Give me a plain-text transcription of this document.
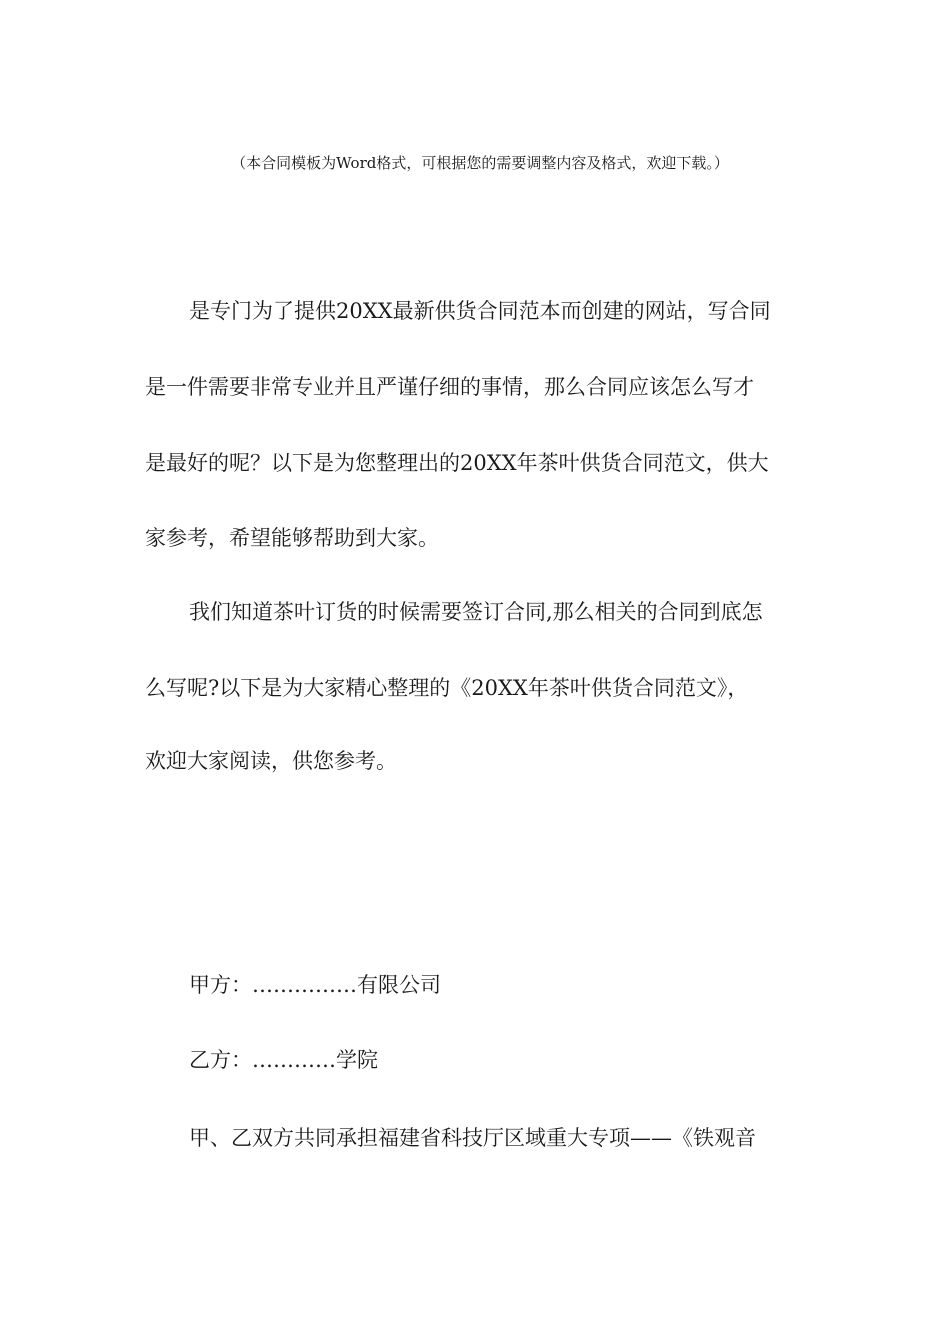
（本合同模板为Word格式，可根据您的需要调整内容及格式，欢迎下载。）
是专门为了提供20XX最新供货合同范本而创建的网站，写合同
是一件需要非常专业并且严谨仔细的事情，那么合同应该怎么写才
是最好的呢？以下是为您整理出的20XX年茶叶供货合同范文，供大
家参考，希望能够帮助到大家。
我们知道茶叶订货的时候需要签订合同,那么相关的合同到底怎
么写呢?以下是为大家精心整理的《20XX年茶叶供货合同范文》，
欢迎大家阅读，供您参考。
甲方：……………有限公司
乙方：…………学院
甲、乙双方共同承担福建省科技厅区域重大专项——《铁观音
